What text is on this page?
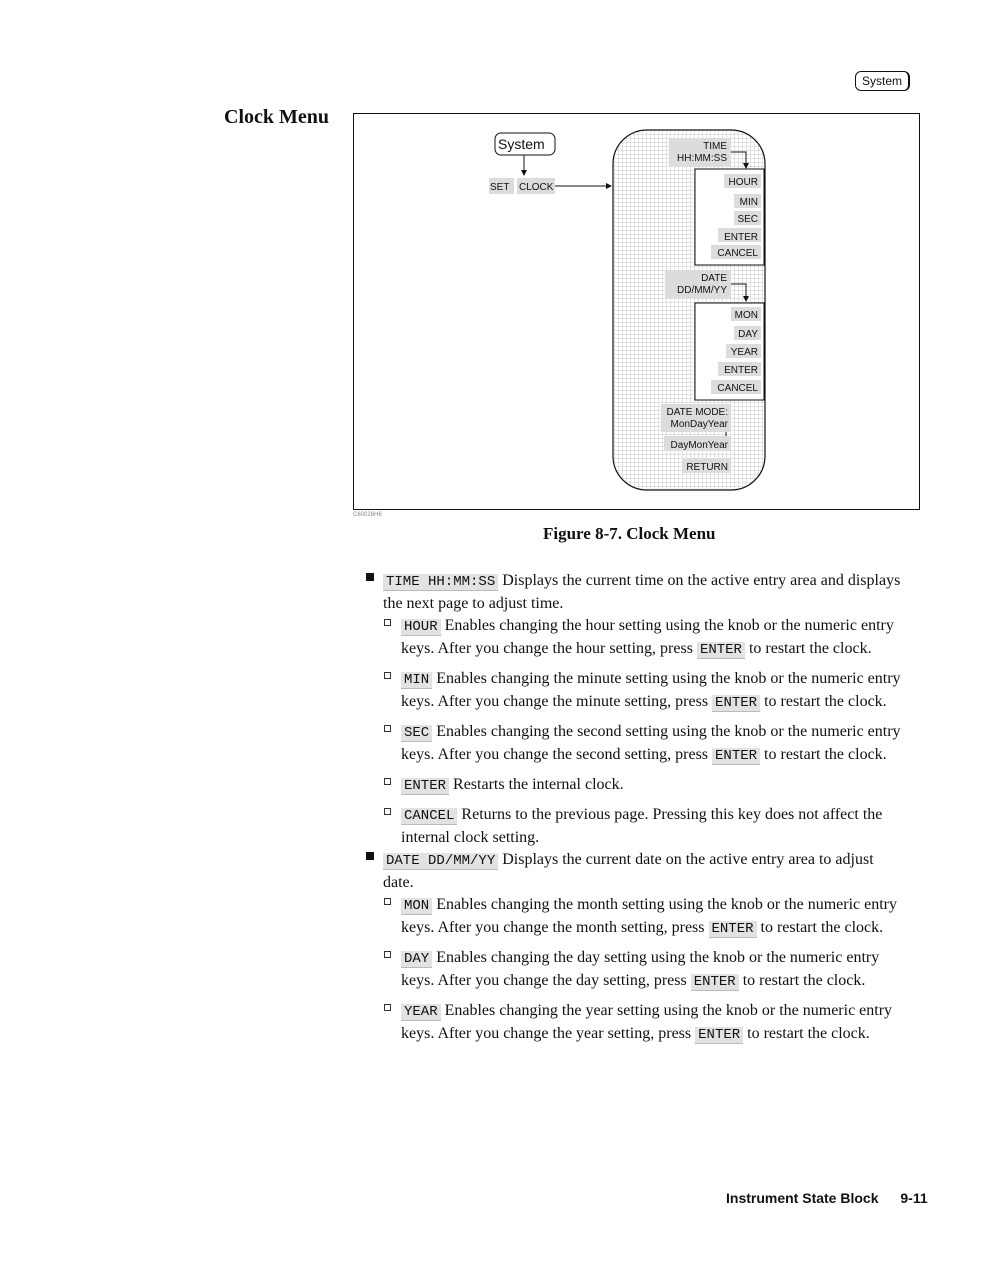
System
Clock Menu
System
SET CLOCK
TIME
HH:MM:SS
HOUR
MIN
SEC
ENTER
CANCEL
DATE
DD/MM/YY
MON
DAY
YEAR
ENTER
CANCEL
DATE MODE:
MonDayYear
DayMonYear
RETURN
C60028H6
Figure 8-7. Clock Menu
TIME HH:MM:SS Displays the current time on the active entry area and displays the next page to adjust time.
HOUR Enables changing the hour setting using the knob or the numeric entry keys. After you change the hour setting, press ENTER to restart the clock.
MIN Enables changing the minute setting using the knob or the numeric entry keys. After you change the minute setting, press ENTER to restart the clock.
SEC Enables changing the second setting using the knob or the numeric entry keys. After you change the second setting, press ENTER to restart the clock.
ENTER Restarts the internal clock.
CANCEL Returns to the previous page. Pressing this key does not affect the internal clock setting.
DATE DD/MM/YY Displays the current date on the active entry area to adjust date.
MON Enables changing the month setting using the knob or the numeric entry keys. After you change the month setting, press ENTER to restart the clock.
DAY Enables changing the day setting using the knob or the numeric entry keys. After you change the day setting, press ENTER to restart the clock.
YEAR Enables changing the year setting using the knob or the numeric entry keys. After you change the year setting, press ENTER to restart the clock.
Instrument State Block 9-11
